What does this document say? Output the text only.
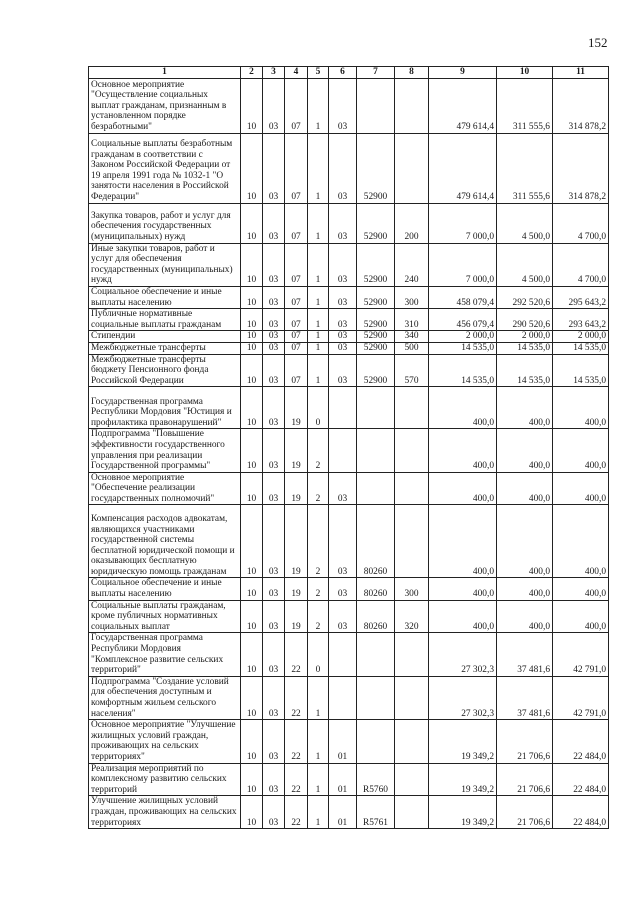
152
1	2	3	4	5	6	7	8	9	10	11
Основное мероприятие "Осуществление социальных выплат гражданам, признанным в установленном порядке безработными"	10	03	07	1	03			479 614,4	311 555,6	314 878,2
Социальные выплаты безработным гражданам в соответствии с Законом Российской Федерации от 19 апреля 1991 года № 1032-1 "О занятости населения в Российской Федерации"	10	03	07	1	03	52900		479 614,4	311 555,6	314 878,2
Закупка товаров, работ и услуг для обеспечения государственных (муниципальных) нужд	10	03	07	1	03	52900	200	7 000,0	4 500,0	4 700,0
Иные закупки товаров, работ и услуг для обеспечения государственных (муниципальных) нужд	10	03	07	1	03	52900	240	7 000,0	4 500,0	4 700,0
Социальное обеспечение и иные выплаты населению	10	03	07	1	03	52900	300	458 079,4	292 520,6	295 643,2
Публичные нормативные социальные выплаты гражданам	10	03	07	1	03	52900	310	456 079,4	290 520,6	293 643,2
Стипендии	10	03	07	1	03	52900	340	2 000,0	2 000,0	2 000,0
Межбюджетные трансферты	10	03	07	1	03	52900	500	14 535,0	14 535,0	14 535,0
Межбюджетные трансферты бюджету Пенсионного фонда Российской Федерации	10	03	07	1	03	52900	570	14 535,0	14 535,0	14 535,0
Государственная программа Республики Мордовия "Юстиция и профилактика правонарушений"	10	03	19	0				400,0	400,0	400,0
Подпрограмма "Повышение эффективности государственного управления при реализации Государственной программы"	10	03	19	2				400,0	400,0	400,0
Основное мероприятие "Обеспечение реализации государственных полномочий"	10	03	19	2	03			400,0	400,0	400,0
Компенсация расходов адвокатам, являющихся участниками государственной системы бесплатной юридической помощи и оказывающих бесплатную юридическую помощь гражданам	10	03	19	2	03	80260		400,0	400,0	400,0
Социальное обеспечение и иные выплаты населению	10	03	19	2	03	80260	300	400,0	400,0	400,0
Социальные выплаты гражданам, кроме публичных нормативных социальных выплат	10	03	19	2	03	80260	320	400,0	400,0	400,0
Государственная программа Республики Мордовия "Комплексное развитие сельских территорий"	10	03	22	0				27 302,3	37 481,6	42 791,0
Подпрограмма "Создание условий для обеспечения доступным и комфортным жильем сельского населения"	10	03	22	1				27 302,3	37 481,6	42 791,0
Основное мероприятие "Улучшение жилищных условий граждан, проживающих на сельских территориях"	10	03	22	1	01			19 349,2	21 706,6	22 484,0
Реализация мероприятий по комплексному развитию сельских территорий	10	03	22	1	01	R5760		19 349,2	21 706,6	22 484,0
Улучшение жилищных условий граждан, проживающих на сельских территориях	10	03	22	1	01	R5761		19 349,2	21 706,6	22 484,0
